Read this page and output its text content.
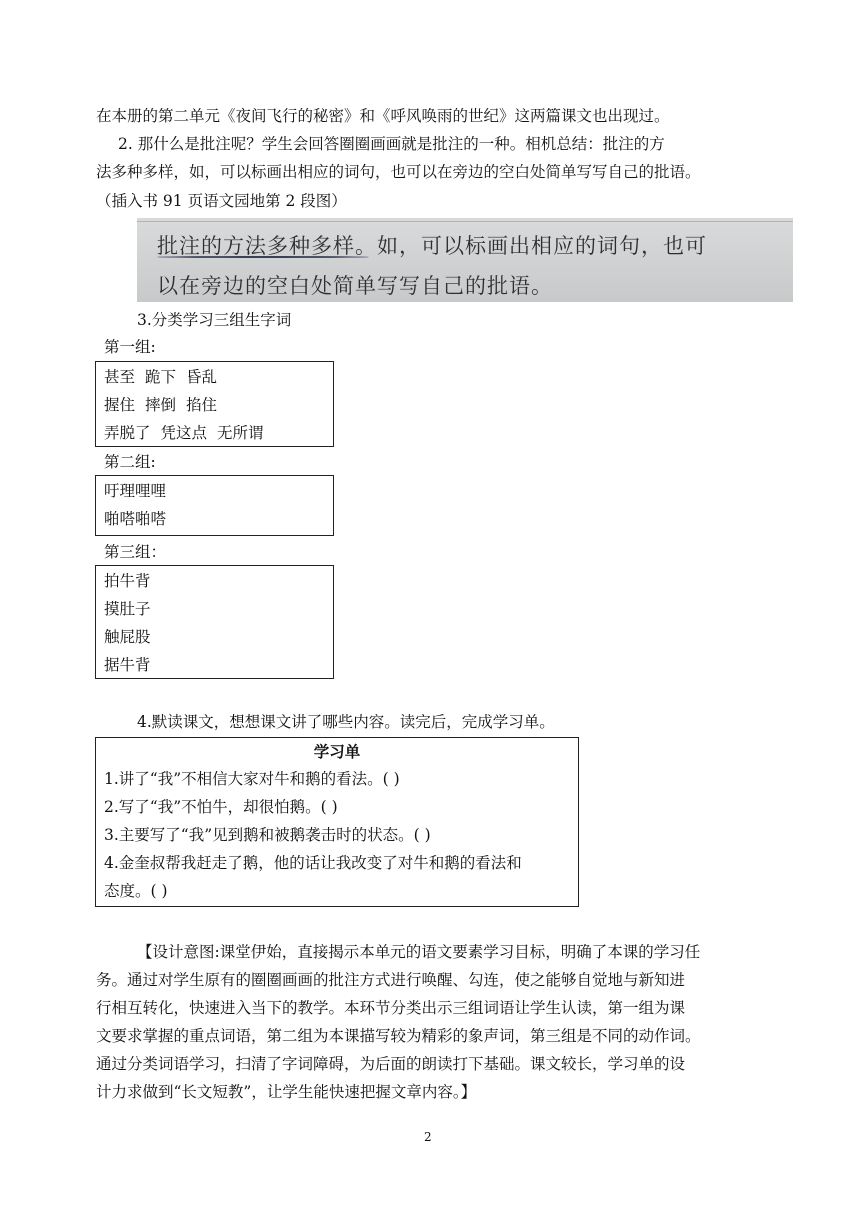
在本册的第二单元《夜间飞行的秘密》和《呼风唤雨的世纪》这两篇课文也出现过。
2. 那什么是批注呢？学生会回答圈圈画画就是批注的一种。相机总结：批注的方
法多种多样，如，可以标画出相应的词句，也可以在旁边的空白处简单写写自己的批语。
（插入书 91 页语文园地第 2 段图）
批注的方法多种多样。如，可以标画出相应的词句，也可
以在旁边的空白处简单写写自己的批语。
3.分类学习三组生字词
第一组:
甚至 跪下 昏乱
握住 摔倒 掐住
弄脱了 凭这点 无所谓
第二组:
吁理哩哩
啪嗒啪嗒
第三组：
拍牛背
摸肚子
触屁股
据牛背
4.默读课文，想想课文讲了哪些内容。读完后，完成学习单。
学习单
1.讲了“我”不相信大家对牛和鹅的看法。( )
2.写了“我”不怕牛，却很怕鹅。( )
3.主要写了“我”见到鹅和被鹅袭击时的状态。( )
4.金奎叔帮我赶走了鹅，他的话让我改变了对牛和鹅的看法和
态度。( )
【设计意图:课堂伊始，直接揭示本单元的语文要素学习目标，明确了本课的学习任
务。通过对学生原有的圈圈画画的批注方式进行唤醒、勾连，使之能够自觉地与新知进
行相互转化，快速进入当下的教学。本环节分类出示三组词语让学生认读，第一组为课
文要求掌握的重点词语，第二组为本课描写较为精彩的象声词，第三组是不同的动作词。
通过分类词语学习，扫清了字词障碍，为后面的朗读打下基础。课文较长，学习单的设
计力求做到“长文短教”，让学生能快速把握文章内容。】
2
